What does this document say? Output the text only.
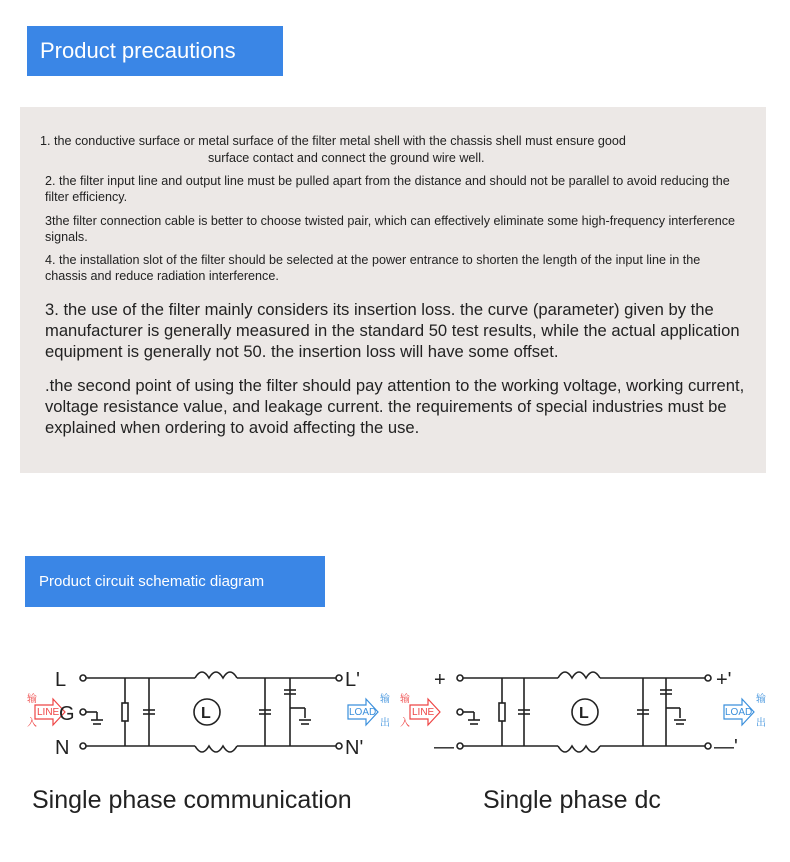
Product precautions
1. the conductive surface or metal surface of the filter metal shell with the chassis shell must ensure good
surface contact and connect the ground wire well.
2. the filter input line and output line must be pulled apart from the distance and should not be parallel to avoid reducing the filter efficiency.
3the filter connection cable is better to choose twisted pair, which can effectively eliminate some high-frequency interference signals.
4. the installation slot of the filter should be selected at the power entrance to shorten the length of the input line in the chassis and reduce radiation interference.
3. the use of the filter mainly considers its insertion loss. the curve (parameter) given by the manufacturer is generally measured in the standard 50 test results, while the actual application equipment is generally not 50. the insertion loss will have some offset.
.the second point of using the filter should pay attention to the working voltage, working current, voltage resistance value, and leakage current. the requirements of special industries must be explained when ordering to avoid affecting the use.
Product circuit schematic diagram
L
G
N
L'
N'
L
LINE	LOAD
输
入
输
出
+
—
+'
—'
L
LINE	LOAD
输
入
输
出
Single phase communication	Single phase dc
